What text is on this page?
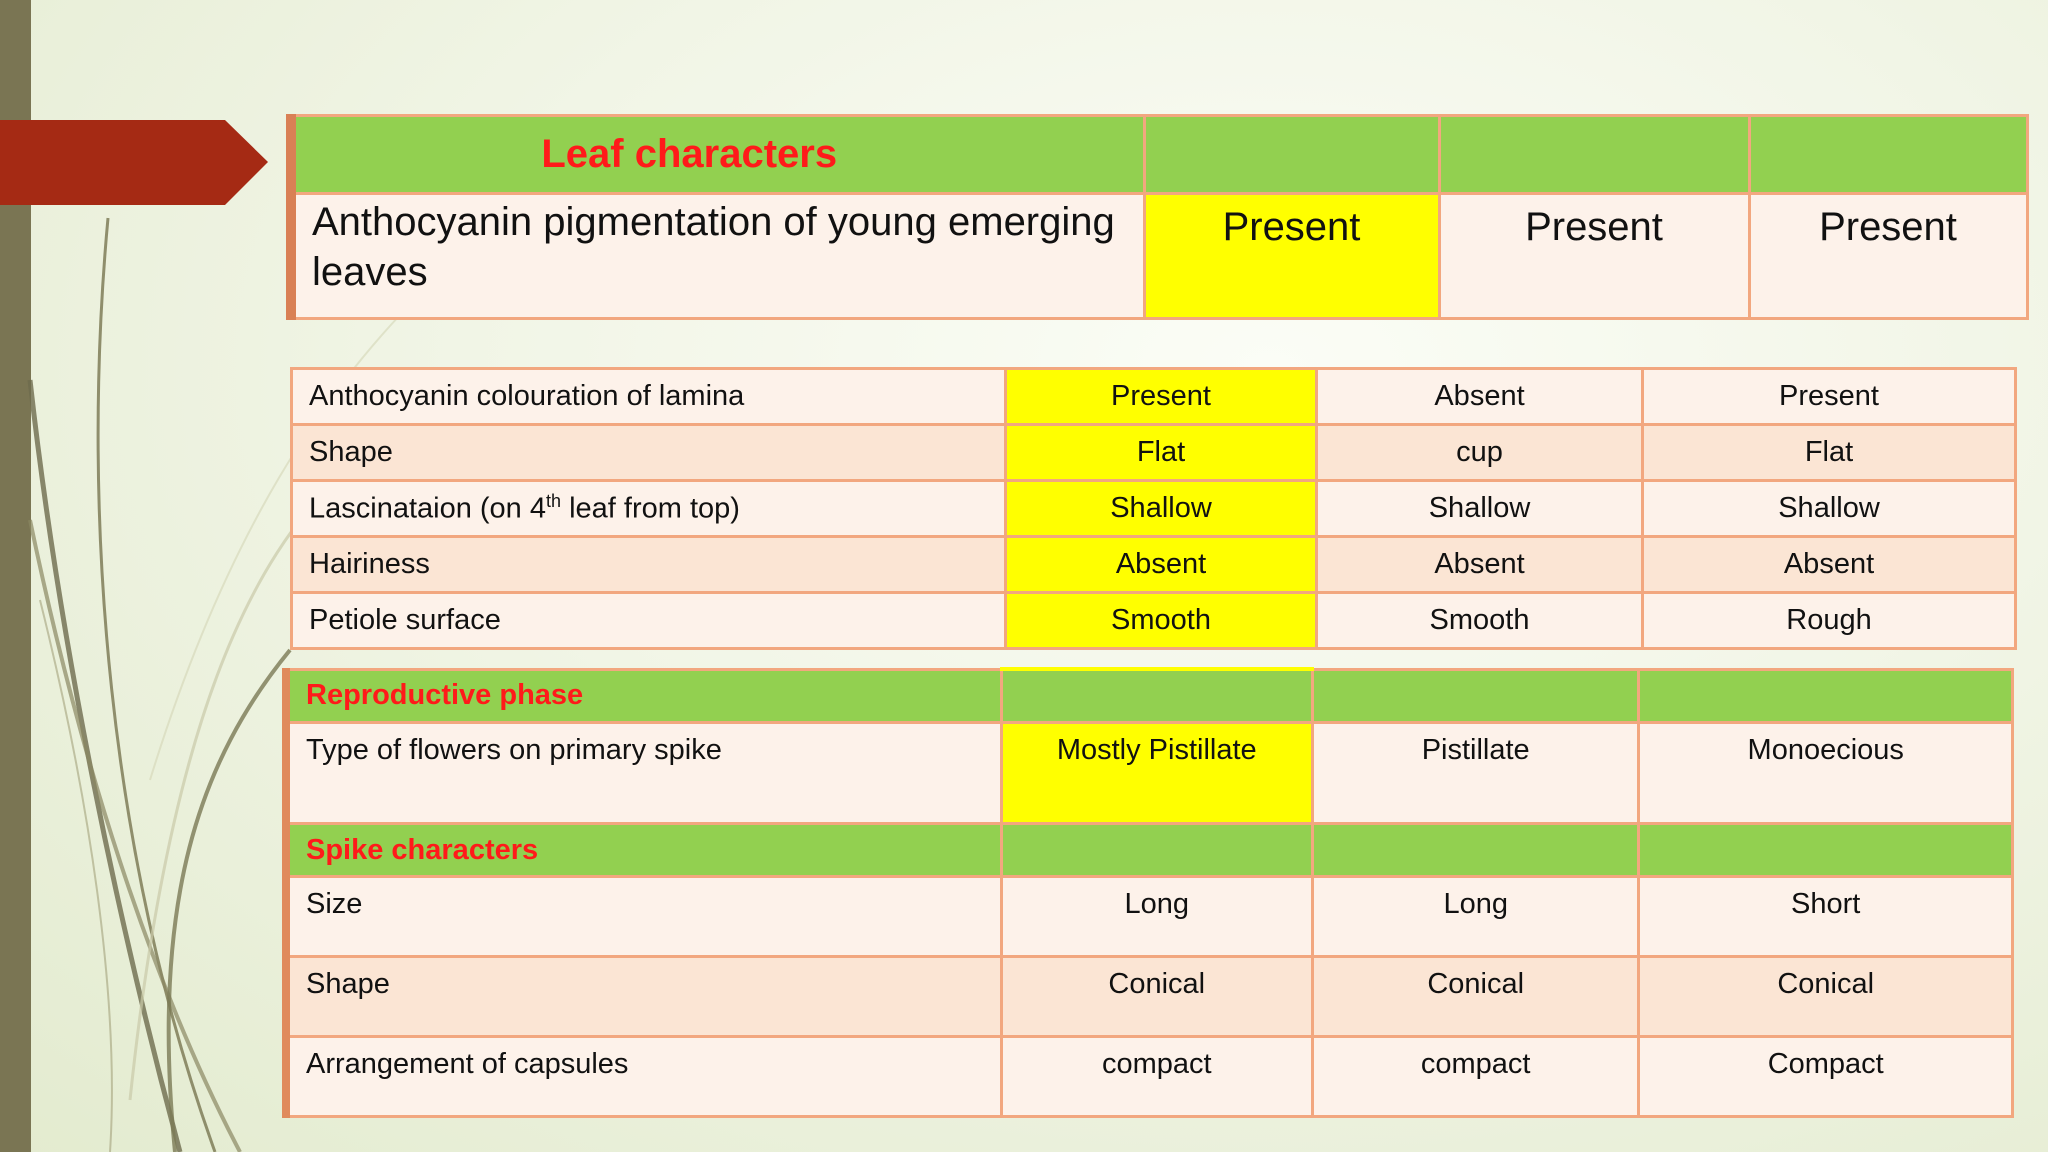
Leaf characters			
Anthocyanin pigmentation of young emerging leaves	Present	Present	Present
Anthocyanin colouration of lamina	Present	Absent	Present
Shape	Flat	cup	Flat
Lascinataion (on 4th leaf from top)	Shallow	Shallow	Shallow
Hairiness	Absent	Absent	Absent
Petiole surface	Smooth	Smooth	Rough
Reproductive phase			
Type of flowers on primary spike	Mostly Pistillate	Pistillate	Monoecious
Spike characters			
Size	Long	Long	Short
Shape	Conical	Conical	Conical
Arrangement of capsules	compact	compact	Compact
